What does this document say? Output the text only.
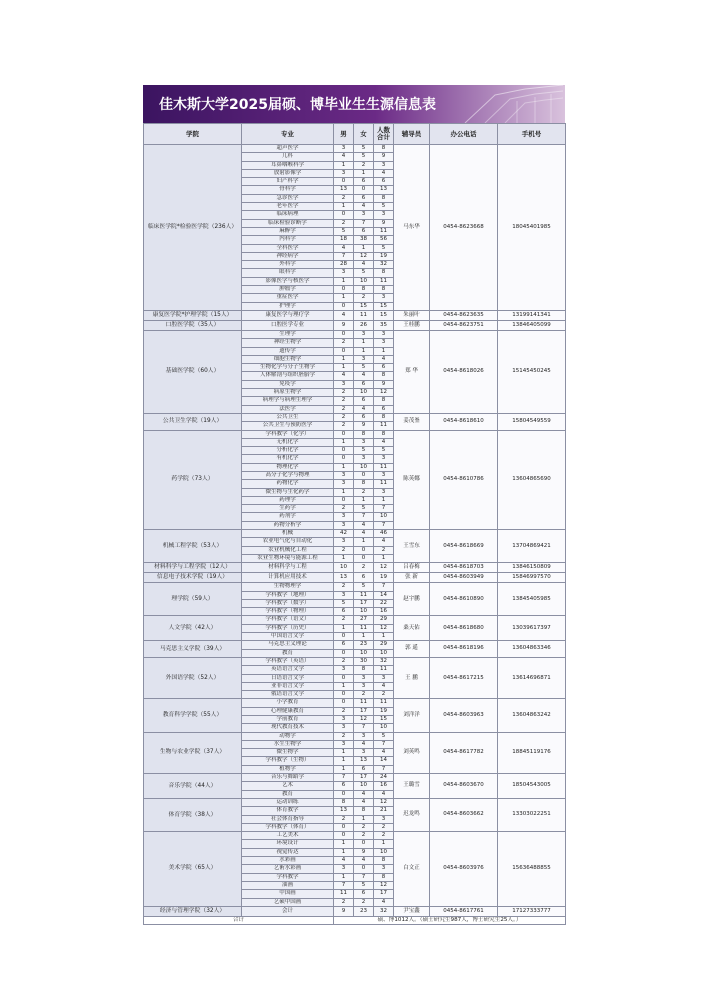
佳木斯大学2025届硕、博毕业生生源信息表
学院	专业	男	女	人数合计	辅导员	办公电话	手机号
临床医学院*检验医学院（236人）	超声医学	3	5	8	马东华	0454-8623668	18045401985
	儿科	4	5	9			
	耳鼻咽喉科学	1	2	3			
	放射影像学	3	1	4			
	妇产科学	0	6	6			
	骨科学	13	0	13			
	急诊医学	2	6	8			
	老年医学	1	4	5			
	临床病理	0	3	3			
	临床检验诊断学	2	7	9			
	麻醉学	5	6	11			
	内科学	18	38	56			
	全科医学	4	1	5			
	神经病学	7	12	19			
	外科学	28	4	32			
	眼科学	3	5	8			
	影像医学与核医学	1	10	11			
	肿瘤学	0	8	8			
	重症医学	1	2	3			
	护理学	0	15	15			
康复医学院*护理学院（15人）	康复医学与理疗学	4	11	15	朱丽叶	0454-8623635	13199141341
口腔医学院（35人）	口腔医学专业	9	26	35	王桂鹏	0454-8623751	13846405099
基础医学院（60人）	生理学	0	3	3	郑 华	0454-8618026	15145450245
	神经生物学	2	1	3			
	遗传学	0	1	1			
	细胞生物学	1	3	4			
	生物化学与分子生物学	1	5	6			
	人体解剖与组织胚胎学	4	4	8			
	免疫学	3	6	9			
	病原生物学	2	10	12			
	病理学与病理生理学	2	6	8			
	法医学	2	4	6			
公共卫生学院（19人）	公共卫生	2	6	8	姜茂崟	0454-8618610	15804549559
	公共卫生与预防医学	2	9	11			
药学院（73人）	学科教学（化学）	0	8	8	陈英娜	0454-8610786	13604865690
	无机化学	1	3	4			
	分析化学	0	5	5			
	有机化学	0	3	3			
	物理化学	1	10	11			
	高分子化学与物理	3	0	3			
	药物化学	3	8	11			
	微生物与生化药学	1	2	3			
	药理学	0	1	1			
	生药学	2	5	7			
	药剂学	3	7	10			
	药物分析学	3	4	7			
机械工程学院（53人）	机械	42	4	46	王雪东	0454-8618669	13704869421
	农业电气化与自动化	3	1	4			
	农业机械化工程	2	0	2			
	农业生物环境与能源工程	1	0	1			
材料科学与工程学院（12人）	材料科学与工程	10	2	12	吕春梅	0454-8618703	13846150809
信息电子技术学院（19人）	计算机应用技术	13	6	19	张 新	0454-8603949	15846997570
理学院（59人）	生物物理学	2	5	7	赵宇鹏	0454-8610890	13845405985
	学科教学（地理）	3	11	14			
	学科教学（数学）	5	17	22			
	学科教学（物理）	6	10	16			
人文学院（42人）	学科教学（语文）	2	27	29	桑天佑	0454-8618680	13039617397
	学科教学（历史）	1	11	12			
	中国语言文学	0	1	1			
马克思主义学院（39人）	马克思主义理论	6	23	29	郭 遥	0454-8618196	13604863346
	教育	0	10	10			
外国语学院（52人）	学科教学（英语）	2	30	32	王 鹏	0454-8617215	13614696871
	英语语言文学	3	8	11			
	日语语言文学	0	3	3			
	亚非语言文学	1	3	4			
	俄语语言文学	0	2	2			
教育科学学院（55人）	小学教育	0	11	11	刘洋洋	0454-8603963	13604863242
	心理健康教育	2	17	19			
	学前教育	3	12	15			
	现代教育技术	3	7	10			
生物与农业学院（37人）	动物学	2	3	5	刘英鸣	0454-8617782	18845119176
	水生生物学	3	4	7			
	微生物学	1	3	4			
	学科教学（生物）	1	13	14			
	植物学	1	6	7			
音乐学院（44人）	音乐与舞蹈学	7	17	24	王璐雪	0454-8603670	18504543005
	艺术	6	10	16			
	教育	0	4	4			
体育学院（38人）	运动训练	8	4	12	迟龙鸣	0454-8603662	13303022251
	体育教学	13	8	21			
	社会体育指导	2	1	3			
	学科教学（体育）	0	2	2			
美术学院（65人）	工艺美术	0	2	2	白文正	0454-8603976	15636488855
	环境设计	1	0	1			
	视觉传达	1	9	10			
	水彩画	4	4	8			
	艺術水彩画	3	0	3			
	学科教学	1	7	8			
	油画	7	5	12			
	中国画	11	6	17			
	艺硕中国画	2	2	4			
经济与管理学院（32人）	会计	9	23	32	尹宝鑫	0454-8617761	17127333777
合计		硕、博1012人。（硕士研究生987人，博士研究生25人。）					
